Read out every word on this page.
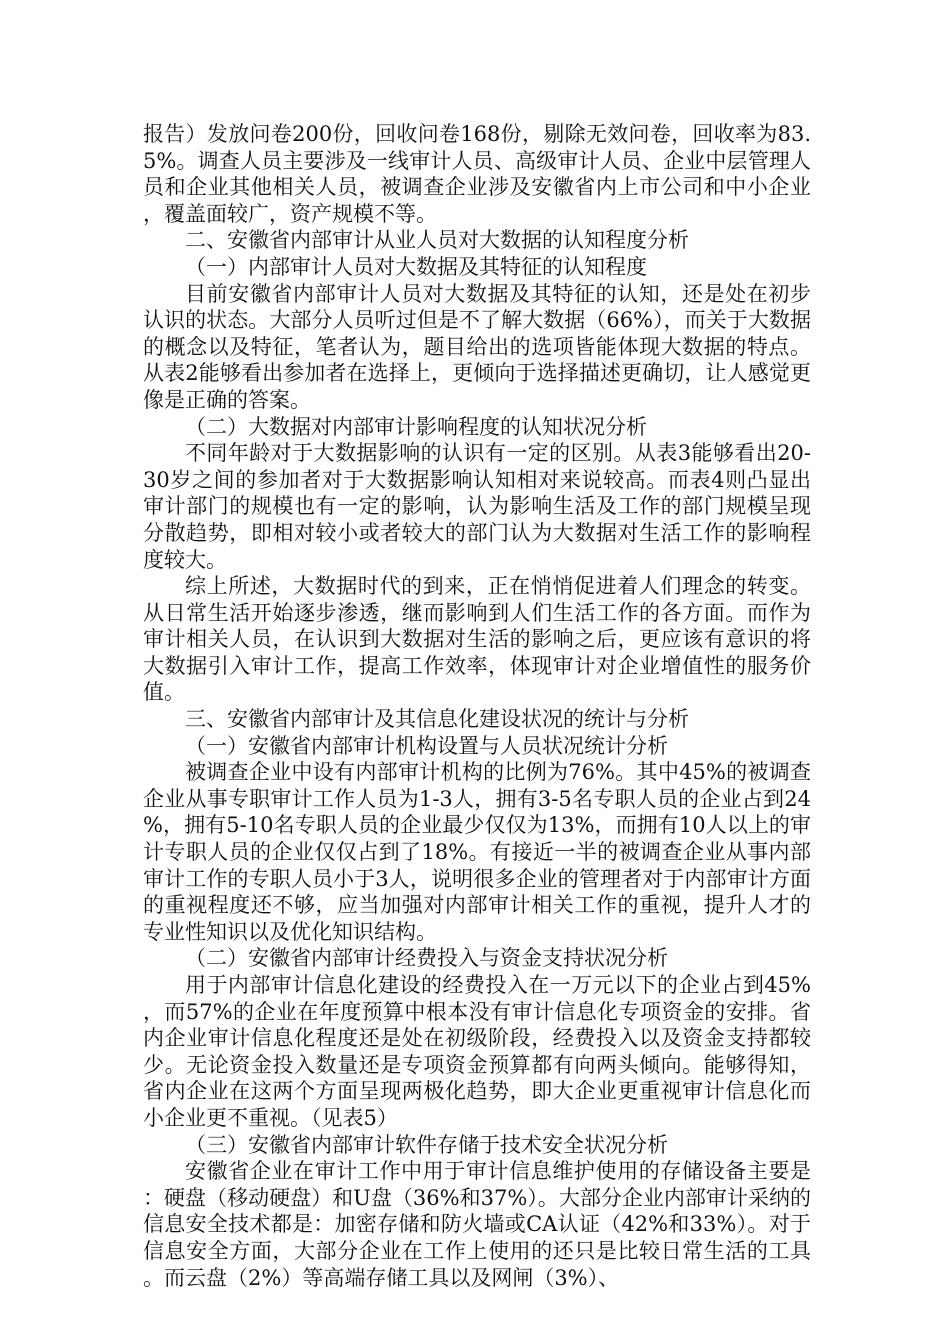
报告）发放问卷200份，回收问卷168份，剔除无效问卷，回收率为83.5%。调查人员主要涉及一线审计人员、高级审计人员、企业中层管理人员和企业其他相关人员，被调查企业涉及安徽省内上市公司和中小企业，覆盖面较广，资产规模不等。

二、安徽省内部审计从业人员对大数据的认知程度分析

（一）内部审计人员对大数据及其特征的认知程度

目前安徽省内部审计人员对大数据及其特征的认知，还是处在初步认识的状态。大部分人员听过但是不了解大数据（66%），而关于大数据的概念以及特征，笔者认为，题目给出的选项皆能体现大数据的特点。从表2能够看出参加者在选择上，更倾向于选择描述更确切，让人感觉更像是正确的答案。

（二）大数据对内部审计影响程度的认知状况分析

不同年龄对于大数据影响的认识有一定的区别。从表3能够看出20-30岁之间的参加者对于大数据影响认知相对来说较高。而表4则凸显出审计部门的规模也有一定的影响，认为影响生活及工作的部门规模呈现分散趋势，即相对较小或者较大的部门认为大数据对生活工作的影响程度较大。

综上所述，大数据时代的到来，正在悄悄促进着人们理念的转变。从日常生活开始逐步渗透，继而影响到人们生活工作的各方面。而作为审计相关人员，在认识到大数据对生活的影响之后，更应该有意识的将大数据引入审计工作，提高工作效率，体现审计对企业增值性的服务价值。

三、安徽省内部审计及其信息化建设状况的统计与分析

（一）安徽省内部审计机构设置与人员状况统计分析

被调查企业中设有内部审计机构的比例为76%。其中45%的被调查企业从事专职审计工作人员为1-3人，拥有3-5名专职人员的企业占到24%，拥有5-10名专职人员的企业最少仅仅为13%，而拥有10人以上的审计专职人员的企业仅仅占到了18%。有接近一半的被调查企业从事内部审计工作的专职人员小于3人，说明很多企业的管理者对于内部审计方面的重视程度还不够，应当加强对内部审计相关工作的重视，提升人才的专业性知识以及优化知识结构。

（二）安徽省内部审计经费投入与资金支持状况分析

用于内部审计信息化建设的经费投入在一万元以下的企业占到45%，而57%的企业在年度预算中根本没有审计信息化专项资金的安排。省内企业审计信息化程度还是处在初级阶段，经费投入以及资金支持都较少。无论资金投入数量还是专项资金预算都有向两头倾向。能够得知，省内企业在这两个方面呈现两极化趋势，即大企业更重视审计信息化而小企业更不重视。（见表5）

（三）安徽省内部审计软件存储于技术安全状况分析

安徽省企业在审计工作中用于审计信息维护使用的存储设备主要是：硬盘（移动硬盘）和U盘（36%和37%）。大部分企业内部审计采纳的信息安全技术都是：加密存储和防火墙或CA认证（42%和33%）。对于信息安全方面，大部分企业在工作上使用的还只是比较日常生活的工具。而云盘（2%）等高端存储工具以及网闸（3%）、
